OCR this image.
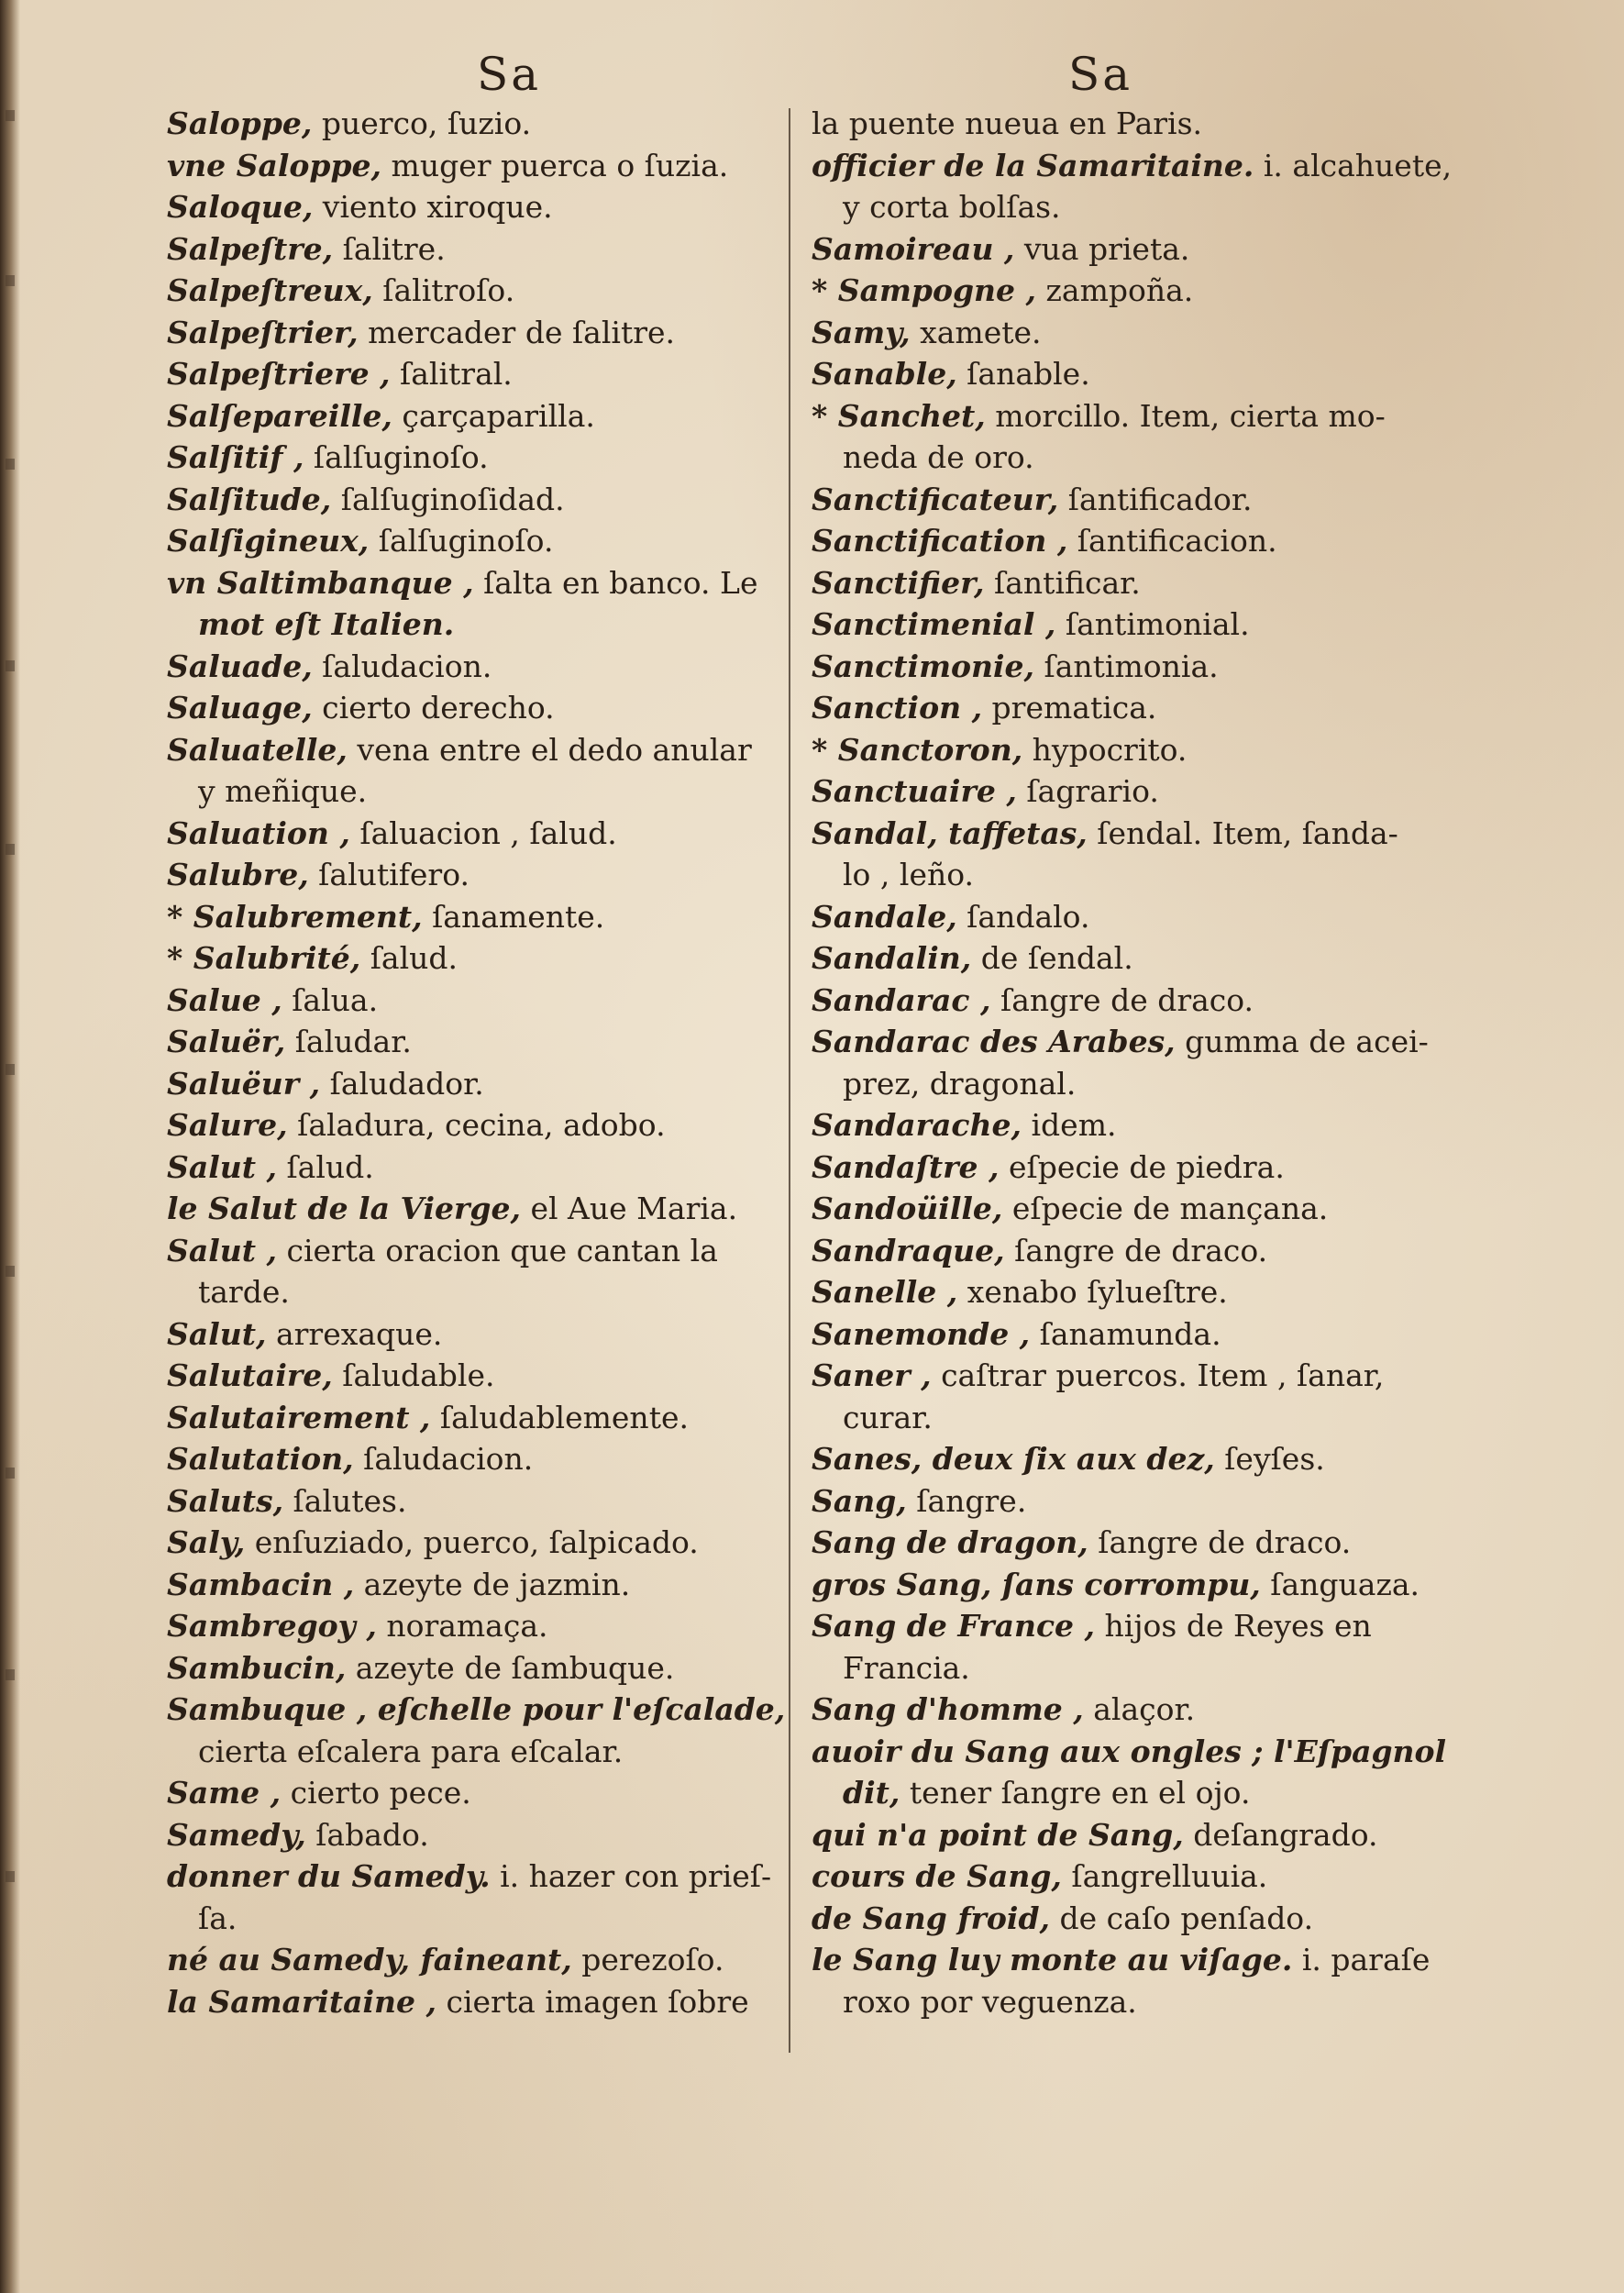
Sa	Sa
Saloppe, puerco, ſuzio.
vne Saloppe, muger puerca o ſuzia.
Saloque, viento xiroque.
Salpeſtre, ſalitre.
Salpeſtreux, ſalitroſo.
Salpeſtrier, mercader de ſalitre.
Salpeſtriere , ſalitral.
Salſepareille, çarçaparilla.
Salſitif , ſalſuginoſo.
Salſitude, ſalſuginoſidad.
Salſigineux, ſalſuginoſo.
vn Saltimbanque , ſalta en banco. Le
mot eſt Italien.
Saluade, ſaludacion.
Saluage, cierto derecho.
Saluatelle, vena entre el dedo anular
y meñique.
Saluation , ſaluacion , ſalud.
Salubre, ſalutifero.
* Salubrement, ſanamente.
* Salubrité, ſalud.
Salue , ſalua.
Saluër, ſaludar.
Saluëur , ſaludador.
Salure, ſaladura, cecina, adobo.
Salut , ſalud.
le Salut de la Vierge, el Aue Maria.
Salut , cierta oracion que cantan la
tarde.
Salut, arrexaque.
Salutaire, ſaludable.
Salutairement , ſaludablemente.
Salutation, ſaludacion.
Saluts, ſalutes.
Saly, enſuziado, puerco, ſalpicado.
Sambacin , azeyte de jazmin.
Sambregoy , noramaça.
Sambucin, azeyte de ſambuque.
Sambuque , eſchelle pour l'eſcalade,
cierta eſcalera para eſcalar.
Same , cierto pece.
Samedy, ſabado.
donner du Samedy. i. hazer con prieſ-
ſa.
né au Samedy, faineant, perezoſo.
la Samaritaine , cierta imagen ſobre
la puente nueua en Paris.
officier de la Samaritaine. i. alcahuete,
y corta bolſas.
Samoireau , vua prieta.
* Sampogne , zampoña.
Samy, xamete.
Sanable, ſanable.
* Sanchet, morcillo. Item, cierta mo-
neda de oro.
Sanctificateur, ſantificador.
Sanctification , ſantificacion.
Sanctifier, ſantificar.
Sanctimenial , ſantimonial.
Sanctimonie, ſantimonia.
Sanction , prematica.
* Sanctoron, hypocrito.
Sanctuaire , ſagrario.
Sandal, taffetas, ſendal. Item, ſanda-
lo , leño.
Sandale, ſandalo.
Sandalin, de ſendal.
Sandarac , ſangre de draco.
Sandarac des Arabes, gumma de acei-
prez, dragonal.
Sandarache, idem.
Sandaſtre , eſpecie de piedra.
Sandoüille, eſpecie de mançana.
Sandraque, ſangre de draco.
Sanelle , xenabo ſylueſtre.
Sanemonde , ſanamunda.
Saner , caſtrar puercos. Item , ſanar,
curar.
Sanes, deux ſix aux dez, ſeyſes.
Sang, ſangre.
Sang de dragon, ſangre de draco.
gros Sang, ſans corrompu, ſanguaza.
Sang de France , hijos de Reyes en
Francia.
Sang d'homme , alaçor.
auoir du Sang aux ongles ; l'Eſpagnol
dit, tener ſangre en el ojo.
qui n'a point de Sang, deſangrado.
cours de Sang, ſangrelluuia.
de Sang froid, de caſo penſado.
le Sang luy monte au viſage. i. paraſe
roxo por veguenza.
